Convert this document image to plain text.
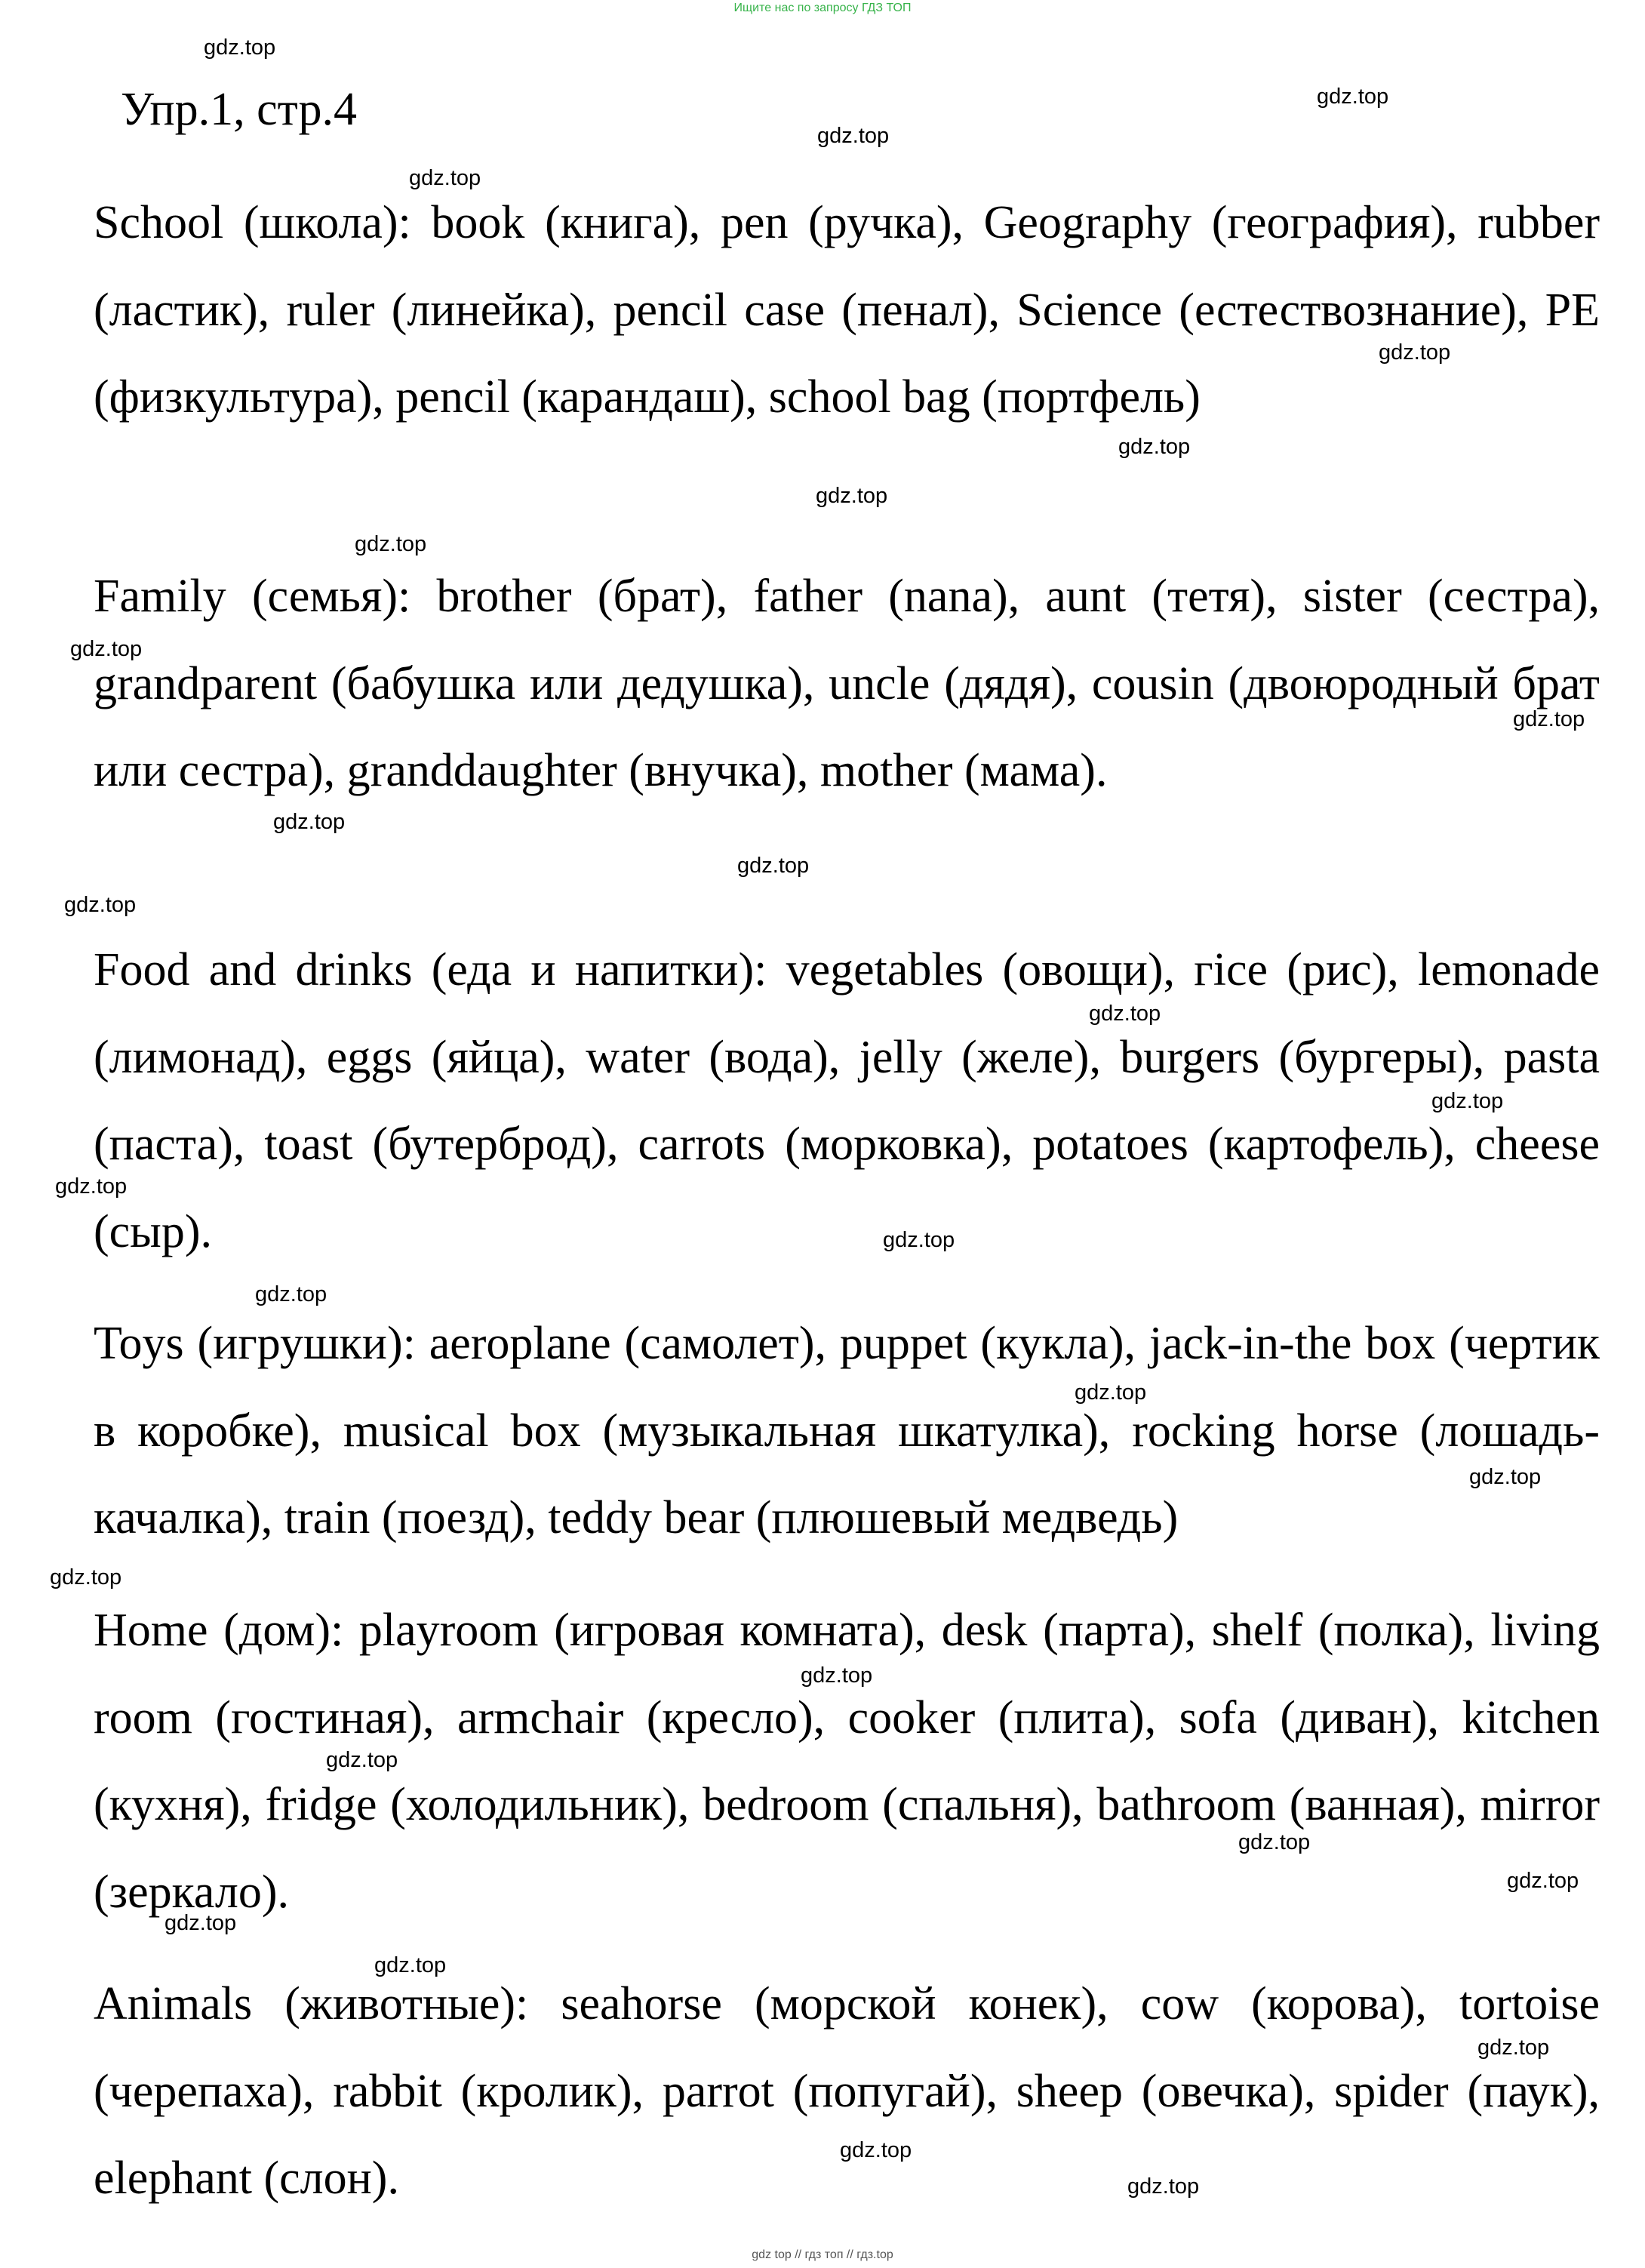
Ищите нас по запросу ГДЗ ТОП
Упр.1, стр.4

School (школа): book (книга), pen (ручка), Geography (география), rubber (ластик), ruler (линейка), pencil case (пенал), Science (естествознание), PE (физкультура), pencil (карандаш), school bag (портфель)

Family (семья): brother (брат), father (nana), aunt (тетя), sister (сестра), grandparent (бабушка или дедушка), uncle (дядя), cousin (двоюродный брат или сестра), granddaughter (внучка), mother (мама).

Food and drinks (еда и напитки): vegetables (овощи), гice (рис), lemonade (лимонад), eggs (яйца), water (вода), jelly (желе), burgers (бургеры), pasta (паста), toast (бутерброд), carrots (морковка), potatoes (картофель), cheese (сыр).

Toys (игрушки): aeroplane (самолет), puppet (кукла), jack-in-the box (чертик в коробке), musical box (музыкальная шкатулка), rocking horse (лошадь-качалка), train (поезд), teddy bear (плюшевый медведь)

Home (дом): playroom (игровая комната), desk (парта), shelf (полка), living room (гостиная), armchair (кресло), cooker (плита), sofa (диван), kitchen (кухня), fridge (холодильник), bedroom (спальня), bathroom (ванная), mirror (зеркало).

Animals (животные): seahorse (морской конек), cow (корова), tortoise (черепаха), rabbit (кролик), parrot (попугай), sheep (овечка), spider (паук), elephant (слон).

gdz.top
gdz.top
gdz.top
gdz.top
gdz.top
gdz.top
gdz.top
gdz.top
gdz.top
gdz.top
gdz.top
gdz.top
gdz.top
gdz.top
gdz.top
gdz.top
gdz.top
gdz.top
gdz.top
gdz.top
gdz.top
gdz.top
gdz.top
gdz.top
gdz.top
gdz.top
gdz.top
gdz.top
gdz.top
gdz.top
gdz top // гдз топ // гдз.top
